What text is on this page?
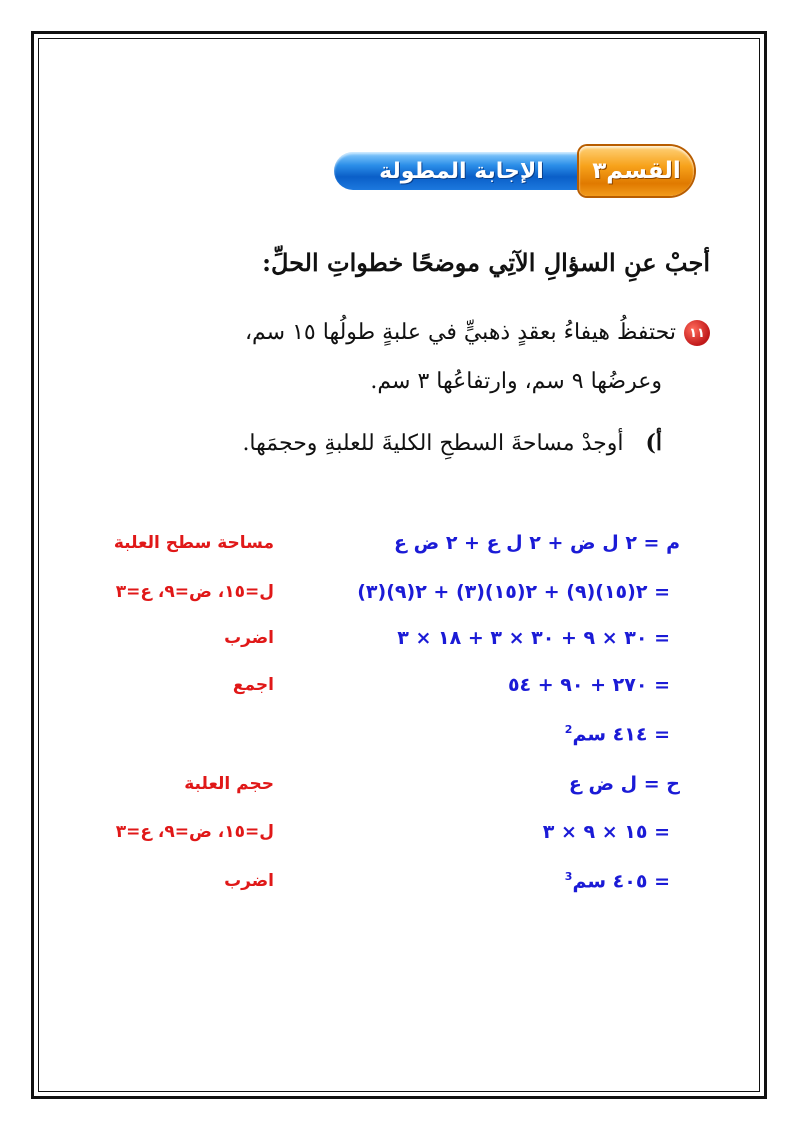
الإجابة المطولة	القسم٣
أجبْ عنِ السؤالِ الآتِي موضحًا خطواتِ الحلِّ:
١١تحتفظُ هيفاءُ بعقدٍ ذهبيٍّ في علبةٍ طولُها ١٥ سم،
وعرضُها ٩ سم، وارتفاعُها ٣ سم.
أ)أوجدْ مساحةَ السطحِ الكليةَ للعلبةِ وحجمَها.
م = ٢ ل ض + ٢ ل ع + ٢ ض ع
مساحة سطح العلبة
= ٢(١٥)(٩) + ٢(١٥)(٣) + ٢(٩)(٣)
ل=١٥، ض=٩، ع=٣
= ٣٠ × ٩ + ٣٠ × ٣ + ١٨ × ٣
اضرب
= ٢٧٠ + ٩٠ + ٥٤
اجمع
= ٤١٤ سم$^2$
ح = ل ض ع
حجم العلبة
= ١٥ × ٩ × ٣
ل=١٥، ض=٩، ع=٣
= ٤٠٥ سم$^3$
اضرب
